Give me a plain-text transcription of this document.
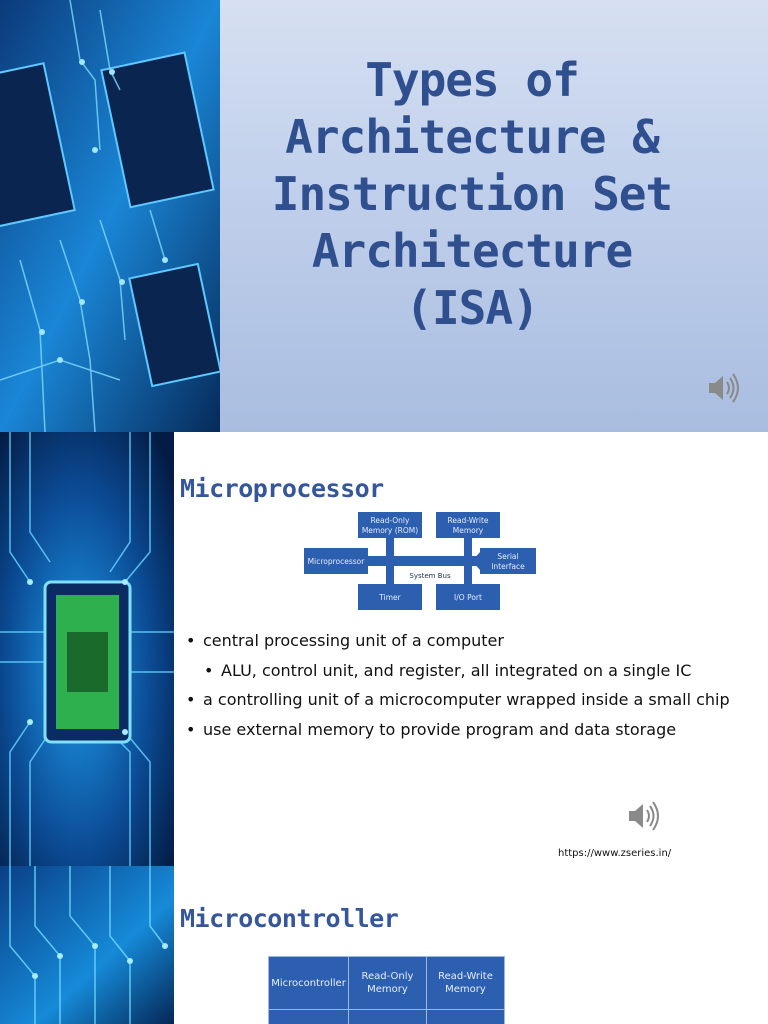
Types of
Architecture &
Instruction Set
Architecture
(ISA)
Microprocessor
Read-Only
Memory (ROM)
Read-Write
Memory
Microprocessor
Serial
Interface
Timer	I/O Port
System Bus
• central processing unit of a computer
• ALU, control unit, and register, all integrated on a single IC
• a controlling unit of a microcomputer wrapped inside a small chip
• use external memory to provide program and data storage
https://www.zseries.in/
Microcontroller
Microcontroller	Read-Only Memory	Read-Write Memory
